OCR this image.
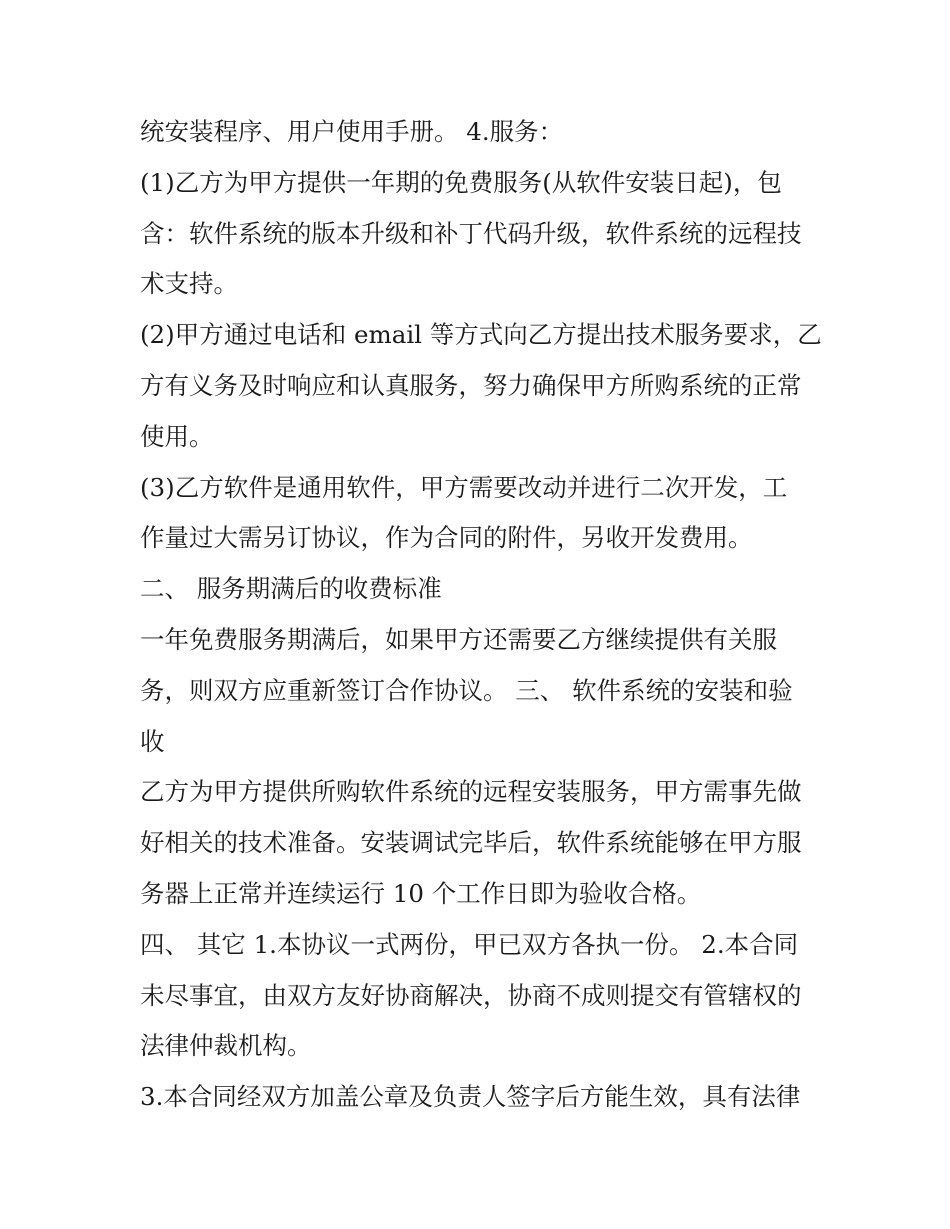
统安装程序、用户使用手册。 4.服务：
(1)乙方为甲方提供一年期的免费服务(从软件安装日起)，包
含：软件系统的版本升级和补丁代码升级，软件系统的远程技
术支持。
(2)甲方通过电话和 email 等方式向乙方提出技术服务要求，乙
方有义务及时响应和认真服务，努力确保甲方所购系统的正常
使用。
(3)乙方软件是通用软件，甲方需要改动并进行二次开发，工
作量过大需另订协议，作为合同的附件，另收开发费用。
二、 服务期满后的收费标准
一年免费服务期满后，如果甲方还需要乙方继续提供有关服
务，则双方应重新签订合作协议。 三、 软件系统的安装和验
收
乙方为甲方提供所购软件系统的远程安装服务，甲方需事先做
好相关的技术准备。安装调试完毕后，软件系统能够在甲方服
务器上正常并连续运行 10 个工作日即为验收合格。
四、 其它 1.本协议一式两份，甲已双方各执一份。 2.本合同
未尽事宜，由双方友好协商解决，协商不成则提交有管辖权的
法律仲裁机构。
3.本合同经双方加盖公章及负责人签字后方能生效，具有法律
